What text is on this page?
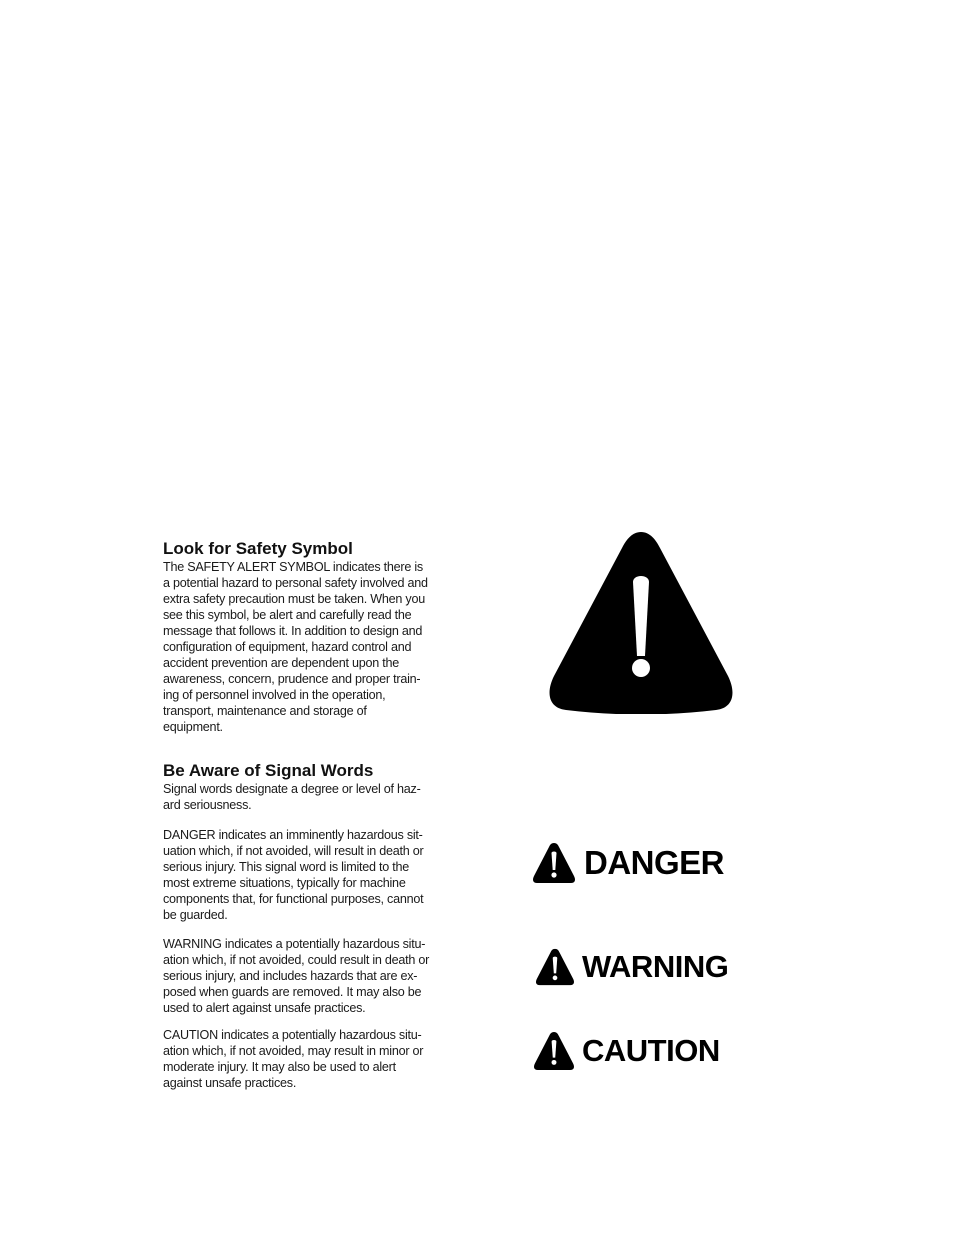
Look for Safety Symbol

The SAFETY ALERT SYMBOL indicates there is
a potential hazard to personal safety involved and
extra safety precaution must be taken. When you
see this symbol, be alert and carefully read the
message that follows it. In addition to design and
configuration of equipment, hazard control and
accident prevention are dependent upon the
awareness, concern, prudence and proper train-
ing of personnel involved in the operation,
transport, maintenance and storage of
equipment.

Be Aware of Signal Words

Signal words designate a degree or level of haz-
ard seriousness.

DANGER indicates an imminently hazardous sit-
uation which, if not avoided, will result in death or
serious injury. This signal word is limited to the
most extreme situations, typically for machine
components that, for functional purposes, cannot
be guarded.

WARNING indicates a potentially hazardous situ-
ation which, if not avoided, could result in death or
serious injury, and includes hazards that are ex-
posed when guards are removed. It may also be
used to alert against unsafe practices.

CAUTION indicates a potentially hazardous situ-
ation which, if not avoided, may result in minor or
moderate injury. It may also be used to alert
against unsafe practices.

DANGER
WARNING
CAUTION
